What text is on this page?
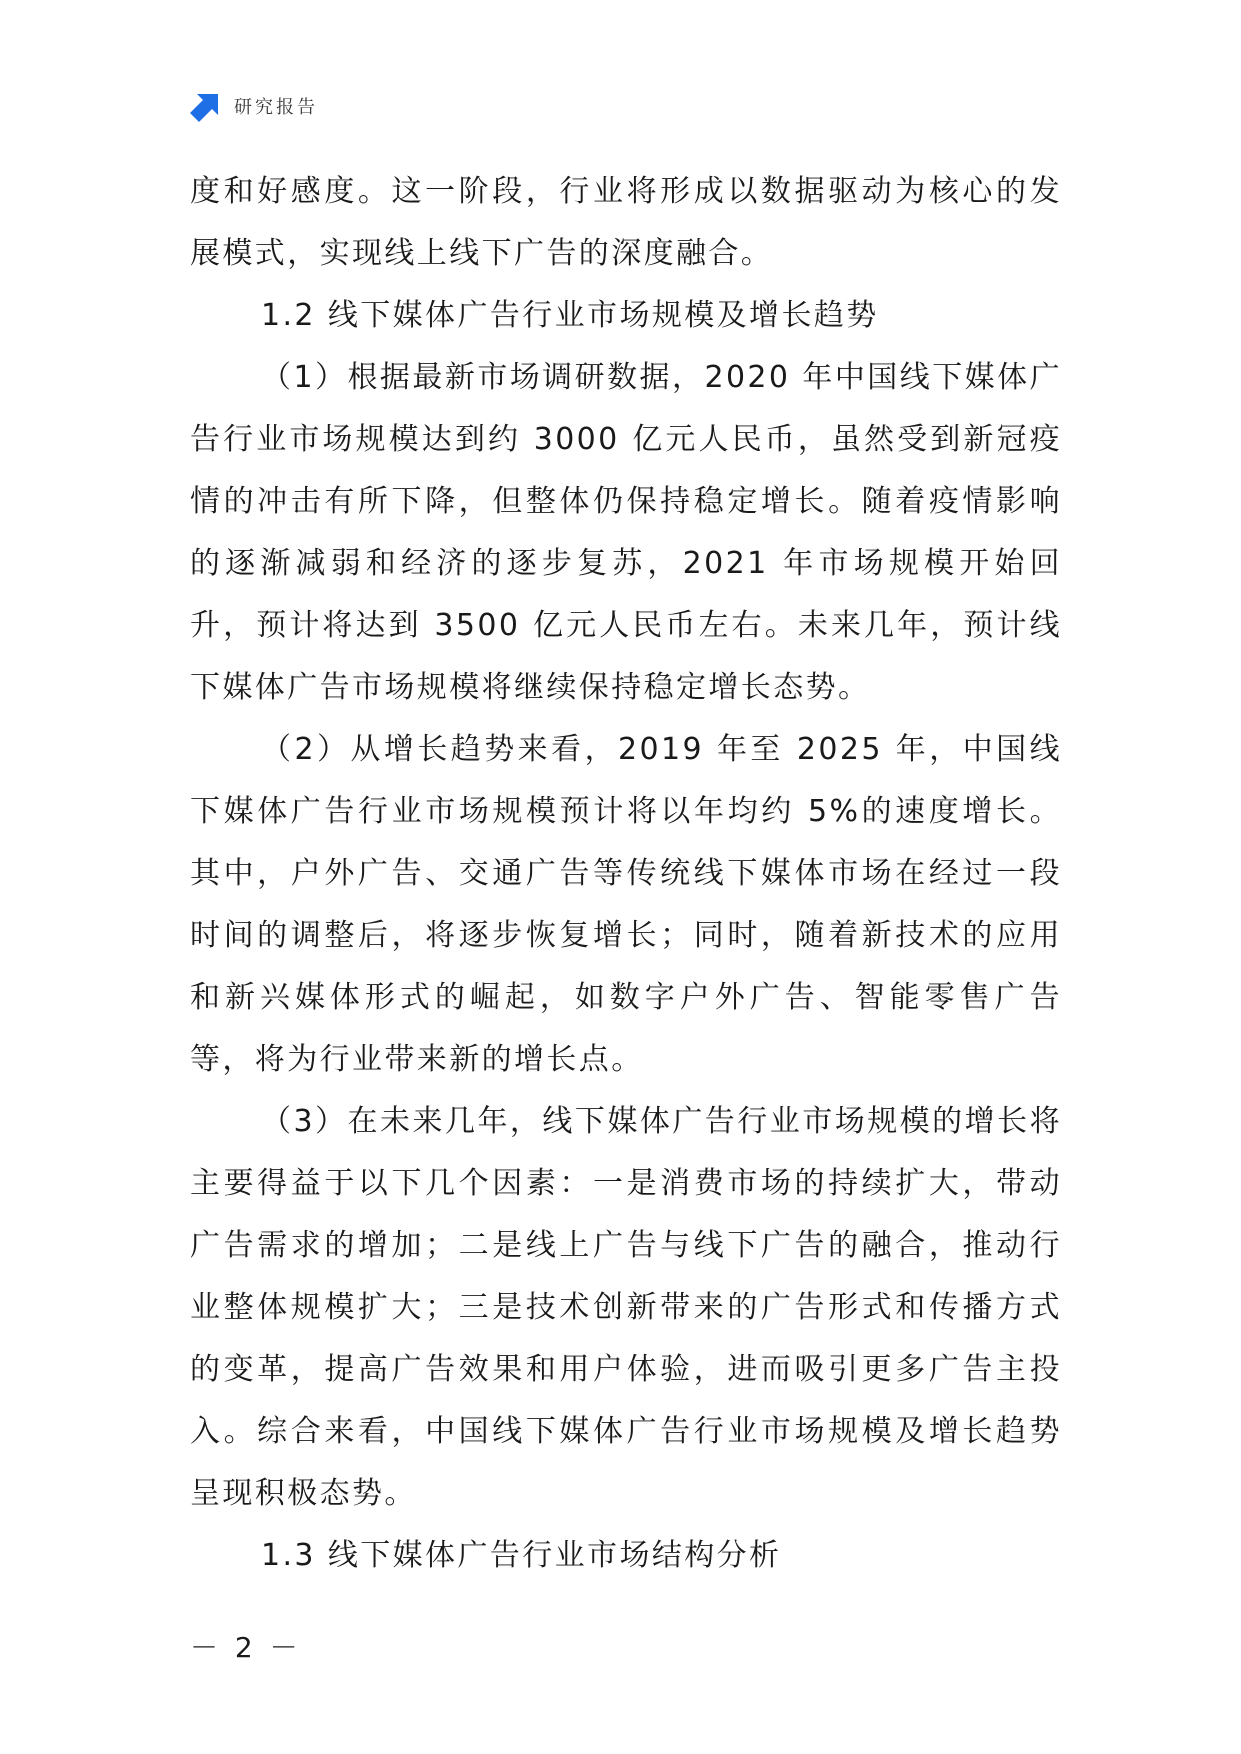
研究报告

度和好感度。这一阶段，行业将形成以数据驱动为核心的发展模式，实现线上线下广告的深度融合。

1.2 线下媒体广告行业市场规模及增长趋势

（1）根据最新市场调研数据，2020 年中国线下媒体广告行业市场规模达到约 3000 亿元人民币，虽然受到新冠疫情的冲击有所下降，但整体仍保持稳定增长。随着疫情影响的逐渐减弱和经济的逐步复苏，2021 年市场规模开始回升，预计将达到 3500 亿元人民币左右。未来几年，预计线下媒体广告市场规模将继续保持稳定增长态势。

（2）从增长趋势来看，2019 年至 2025 年，中国线下媒体广告行业市场规模预计将以年均约 5%的速度增长。其中，户外广告、交通广告等传统线下媒体市场在经过一段时间的调整后，将逐步恢复增长；同时，随着新技术的应用和新兴媒体形式的崛起，如数字户外广告、智能零售广告等，将为行业带来新的增长点。

（3）在未来几年，线下媒体广告行业市场规模的增长将主要得益于以下几个因素：一是消费市场的持续扩大，带动广告需求的增加；二是线上广告与线下广告的融合，推动行业整体规模扩大；三是技术创新带来的广告形式和传播方式的变革，提高广告效果和用户体验，进而吸引更多广告主投入。综合来看，中国线下媒体广告行业市场规模及增长趋势呈现积极态势。

1.3 线下媒体广告行业市场结构分析

－ 2 －
